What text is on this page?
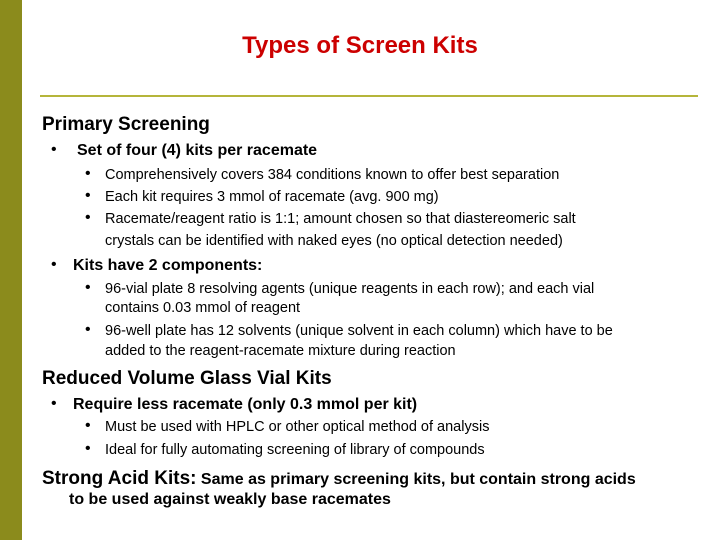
Types of Screen Kits
Primary Screening
• Set of four (4) kits per racemate
• Comprehensively covers 384 conditions known to offer best separation
• Each kit requires 3 mmol of racemate (avg. 900 mg)
• Racemate/reagent ratio is 1:1; amount chosen so that diastereomeric salt
crystals can be identified with naked eyes (no optical detection needed)
• Kits have 2 components:
• 96-vial plate 8 resolving agents (unique reagents in each row); and each vial
contains 0.03 mmol of reagent
• 96-well plate has 12 solvents (unique solvent in each column) which have to be
added to the reagent-racemate mixture during reaction
Reduced Volume Glass Vial Kits
• Require less racemate (only 0.3 mmol per kit)
• Must be used with HPLC or other optical method of analysis
• Ideal for fully automating screening of library of compounds
Strong Acid Kits: Same as primary screening kits, but contain strong acids
to be used against weakly base racemates
